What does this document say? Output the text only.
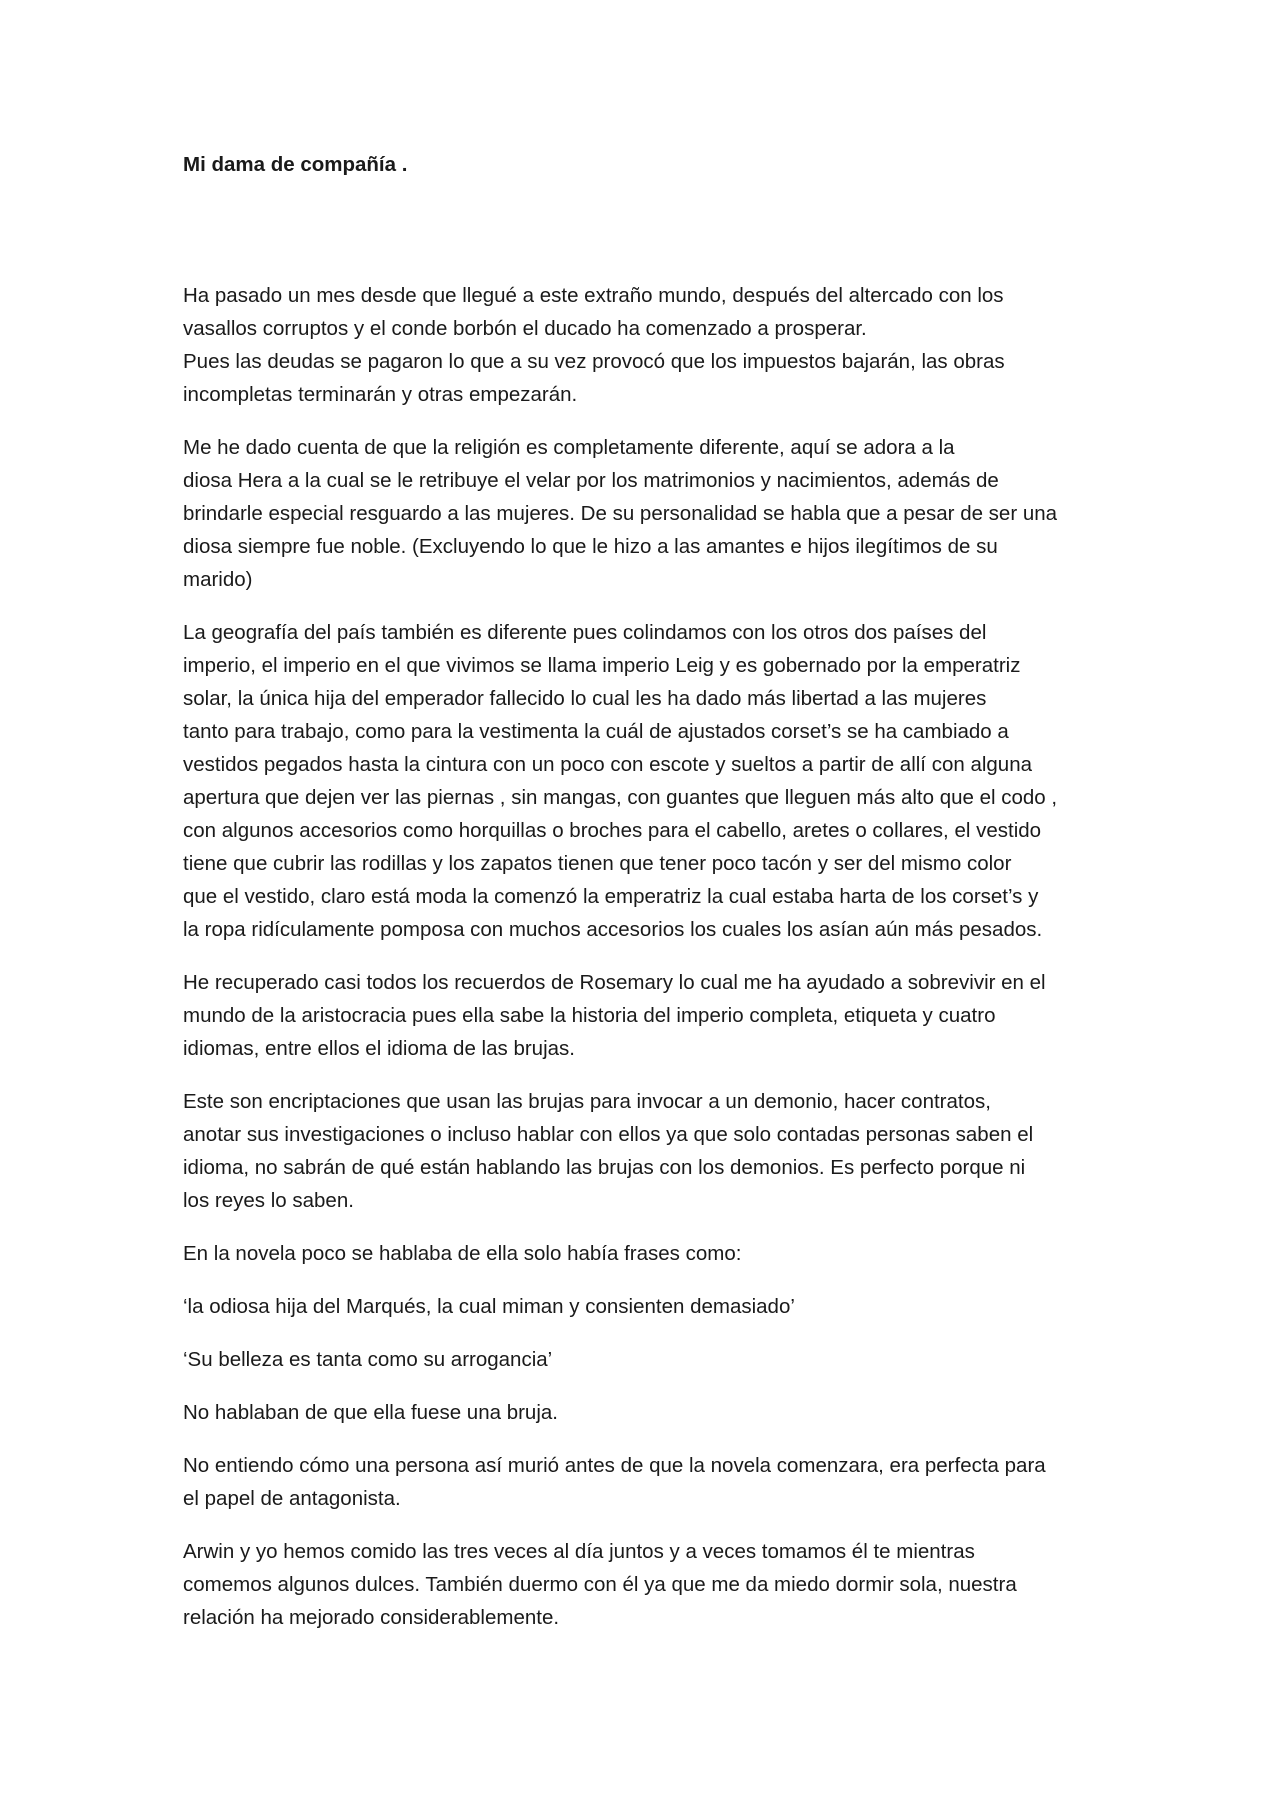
Mi dama de compañía .

Ha pasado un mes desde que llegué a este extraño mundo, después del altercado con los
vasallos corruptos y el conde borbón el ducado ha comenzado a prosperar.
Pues las deudas se pagaron lo que a su vez provocó que los impuestos bajarán, las obras
incompletas terminarán y otras empezarán.

Me he dado cuenta de que la religión es completamente diferente, aquí se adora a la
diosa Hera a la cual se le retribuye el velar por los matrimonios y nacimientos, además de
brindarle especial resguardo a las mujeres. De su personalidad se habla que a pesar de ser una
diosa siempre fue noble. (Excluyendo lo que le hizo a las amantes e hijos ilegítimos de su
marido)

La geografía del país también es diferente pues colindamos con los otros dos países del
imperio, el imperio en el que vivimos se llama imperio Leig y es gobernado por la emperatriz
solar, la única hija del emperador fallecido lo cual les ha dado más libertad a las mujeres
tanto para trabajo, como para la vestimenta la cuál de ajustados corset’s se ha cambiado a
vestidos pegados hasta la cintura con un poco con escote y sueltos a partir de allí con alguna
apertura que dejen ver las piernas , sin mangas, con guantes que lleguen más alto que el codo ,
con algunos accesorios como horquillas o broches para el cabello, aretes o collares, el vestido
tiene que cubrir las rodillas y los zapatos tienen que tener poco tacón y ser del mismo color
que el vestido, claro está moda la comenzó la emperatriz la cual estaba harta de los corset’s y
la ropa ridículamente pomposa con muchos accesorios los cuales los asían aún más pesados.

He recuperado casi todos los recuerdos de Rosemary lo cual me ha ayudado a sobrevivir en el
mundo de la aristocracia pues ella sabe la historia del imperio completa, etiqueta y cuatro
idiomas, entre ellos el idioma de las brujas.

Este son encriptaciones que usan las brujas para invocar a un demonio, hacer contratos,
anotar sus investigaciones o incluso hablar con ellos ya que solo contadas personas saben el
idioma, no sabrán de qué están hablando las brujas con los demonios. Es perfecto porque ni
los reyes lo saben.

En la novela poco se hablaba de ella solo había frases como:

‘la odiosa hija del Marqués, la cual miman y consienten demasiado’

‘Su belleza es tanta como su arrogancia’

No hablaban de que ella fuese una bruja.

No entiendo cómo una persona así murió antes de que la novela comenzara, era perfecta para
el papel de antagonista.

Arwin y yo hemos comido las tres veces al día juntos y a veces tomamos él te mientras
comemos algunos dulces. También duermo con él ya que me da miedo dormir sola, nuestra
relación ha mejorado considerablemente.
